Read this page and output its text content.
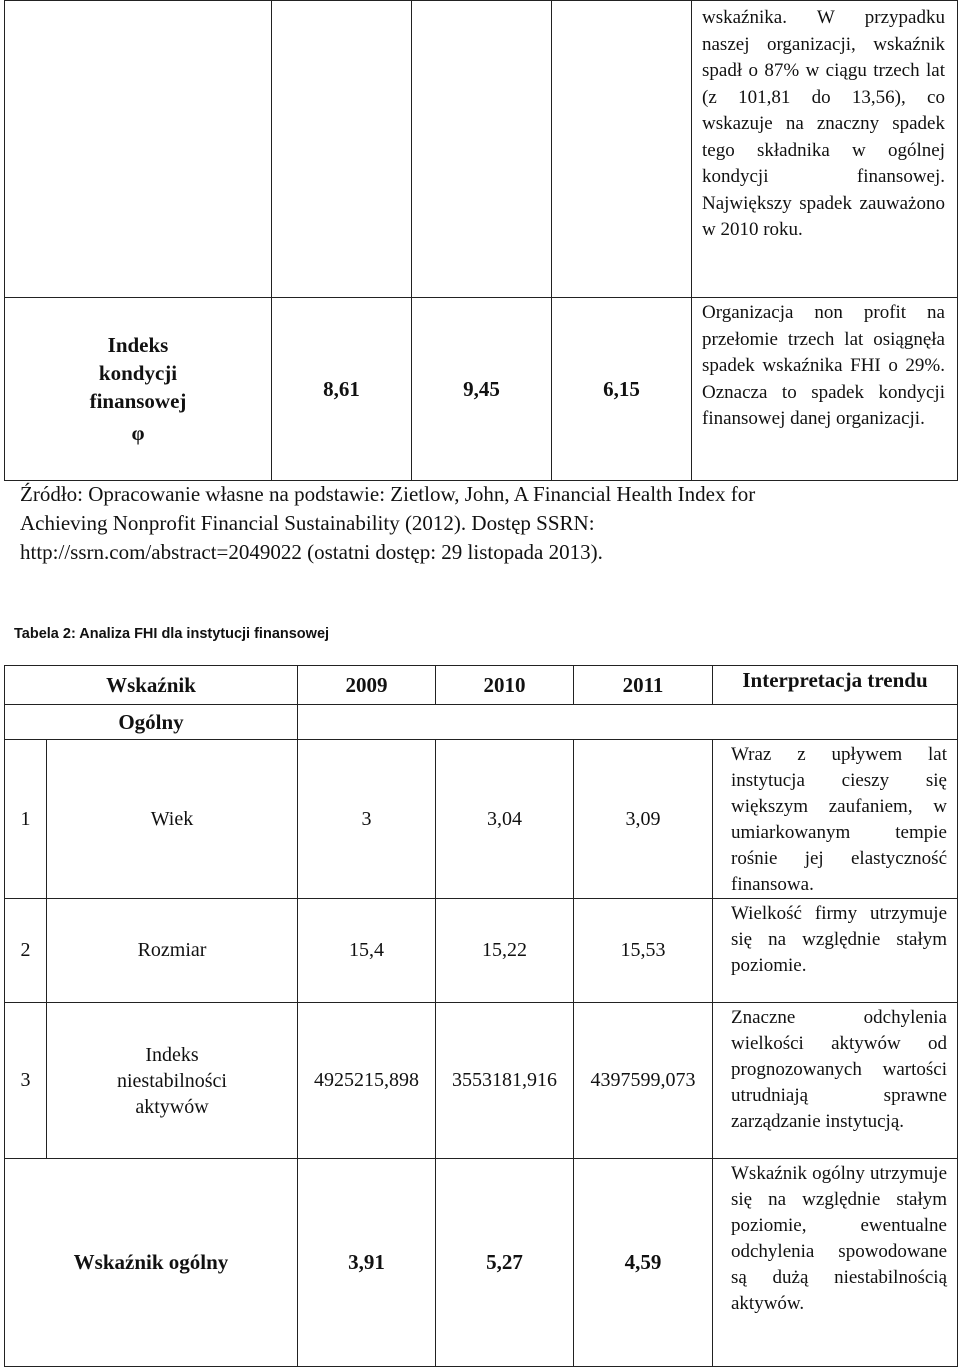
				wskaźnika. W przypadku naszej organizacji, wskaźnik spadł o 87% w ciągu trzech lat (z 101,81 do 13,56), co wskazuje na znaczny spadek tego składnika w ogólnej kondycji finansowej. Największy spadek zauważono w 2010 roku.

Indeks
kondycji
finansowej
φ	8,61	9,45	6,15	Organizacja non profit na przełomie trzech lat osiągnęła spadek wskaźnika FHI o 29%. Oznacza to spadek kondycji finansowej danej organizacji.
Źródło: Opracowanie własne na podstawie: Zietlow, John, A Financial Health Index for
Achieving Nonprofit Financial Sustainability (2012). Dostęp SSRN:
http://ssrn.com/abstract=2049022 (ostatni dostęp: 29 listopada 2013).
Tabela 2: Analiza FHI dla instytucji finansowej
Wskaźnik		2009	2010	2011	Interpretacja trendu
Ogólny					
1	Wiek	3	3,04	3,09	Wraz z upływem lat instytucja cieszy się większym zaufaniem, w umiarkowanym tempie rośnie jej elastyczność finansowa.
2	Rozmiar	15,4	15,22	15,53	Wielkość firmy utrzymuje się na względnie stałym poziomie.
3	Indeks
niestabilności
aktywów	4925215,898	3553181,916	4397599,073	Znaczne odchylenia wielkości aktywów od prognozowanych wartości utrudniają sprawne zarządzanie instytucją.
Wskaźnik ogólny		3,91	5,27	4,59	Wskaźnik ogólny utrzymuje się na względnie stałym poziomie, ewentualne odchylenia spowodowane są dużą niestabilnością aktywów.
